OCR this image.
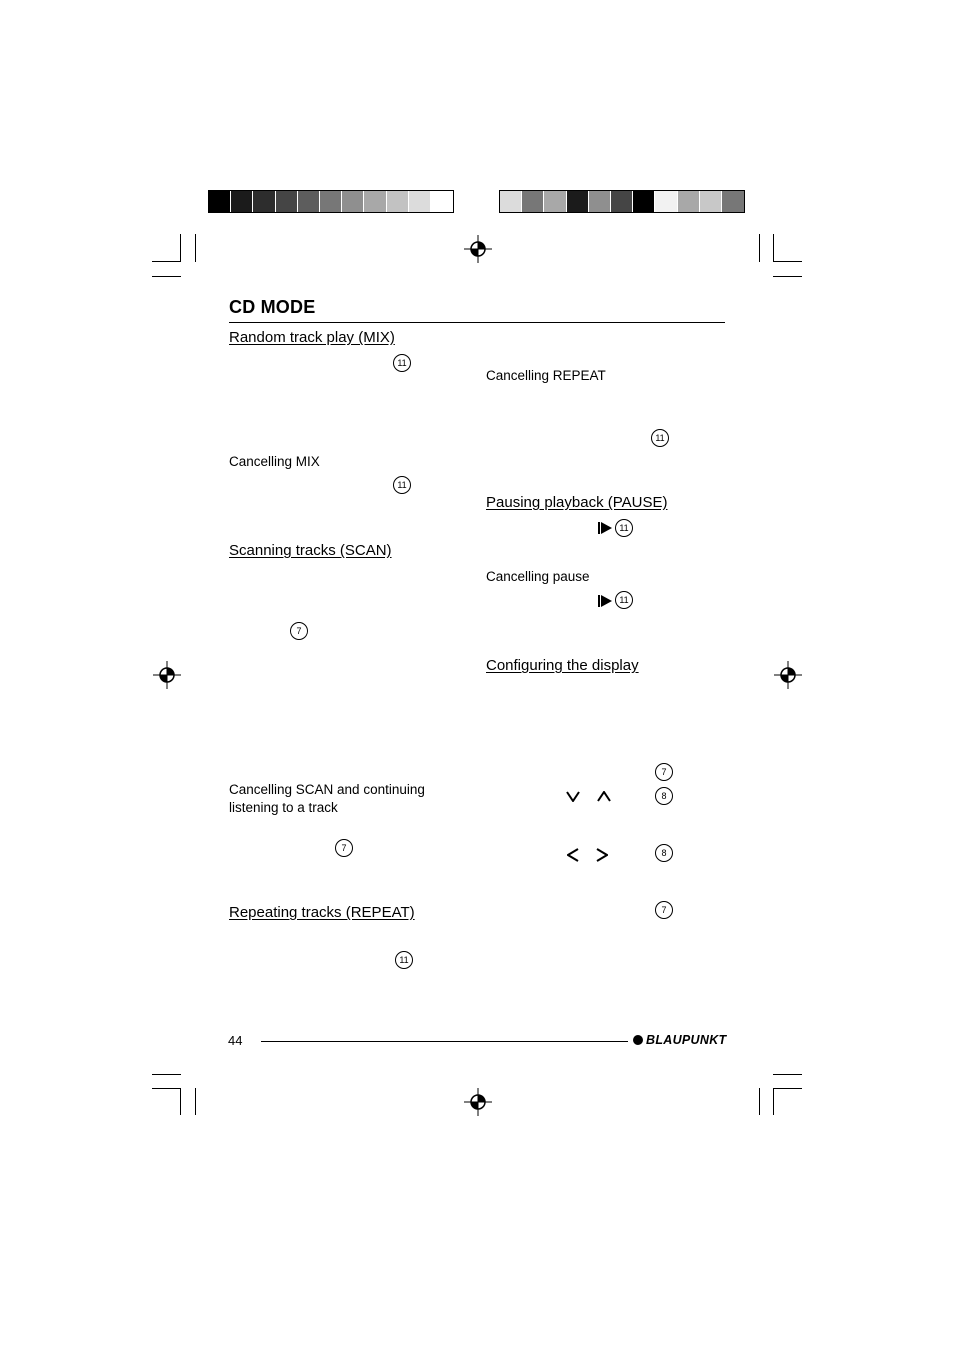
CD MODE
Random track play (MIX)
11
Cancelling MIX
11
Scanning tracks (SCAN)
7
Cancelling SCAN and continuing listening to a track
7
Repeating tracks (REPEAT)
11
Cancelling REPEAT
11
Pausing playback (PAUSE)
11
Cancelling pause
11
Configuring the display
7
8
8
7
44	BLAUPUNKT
